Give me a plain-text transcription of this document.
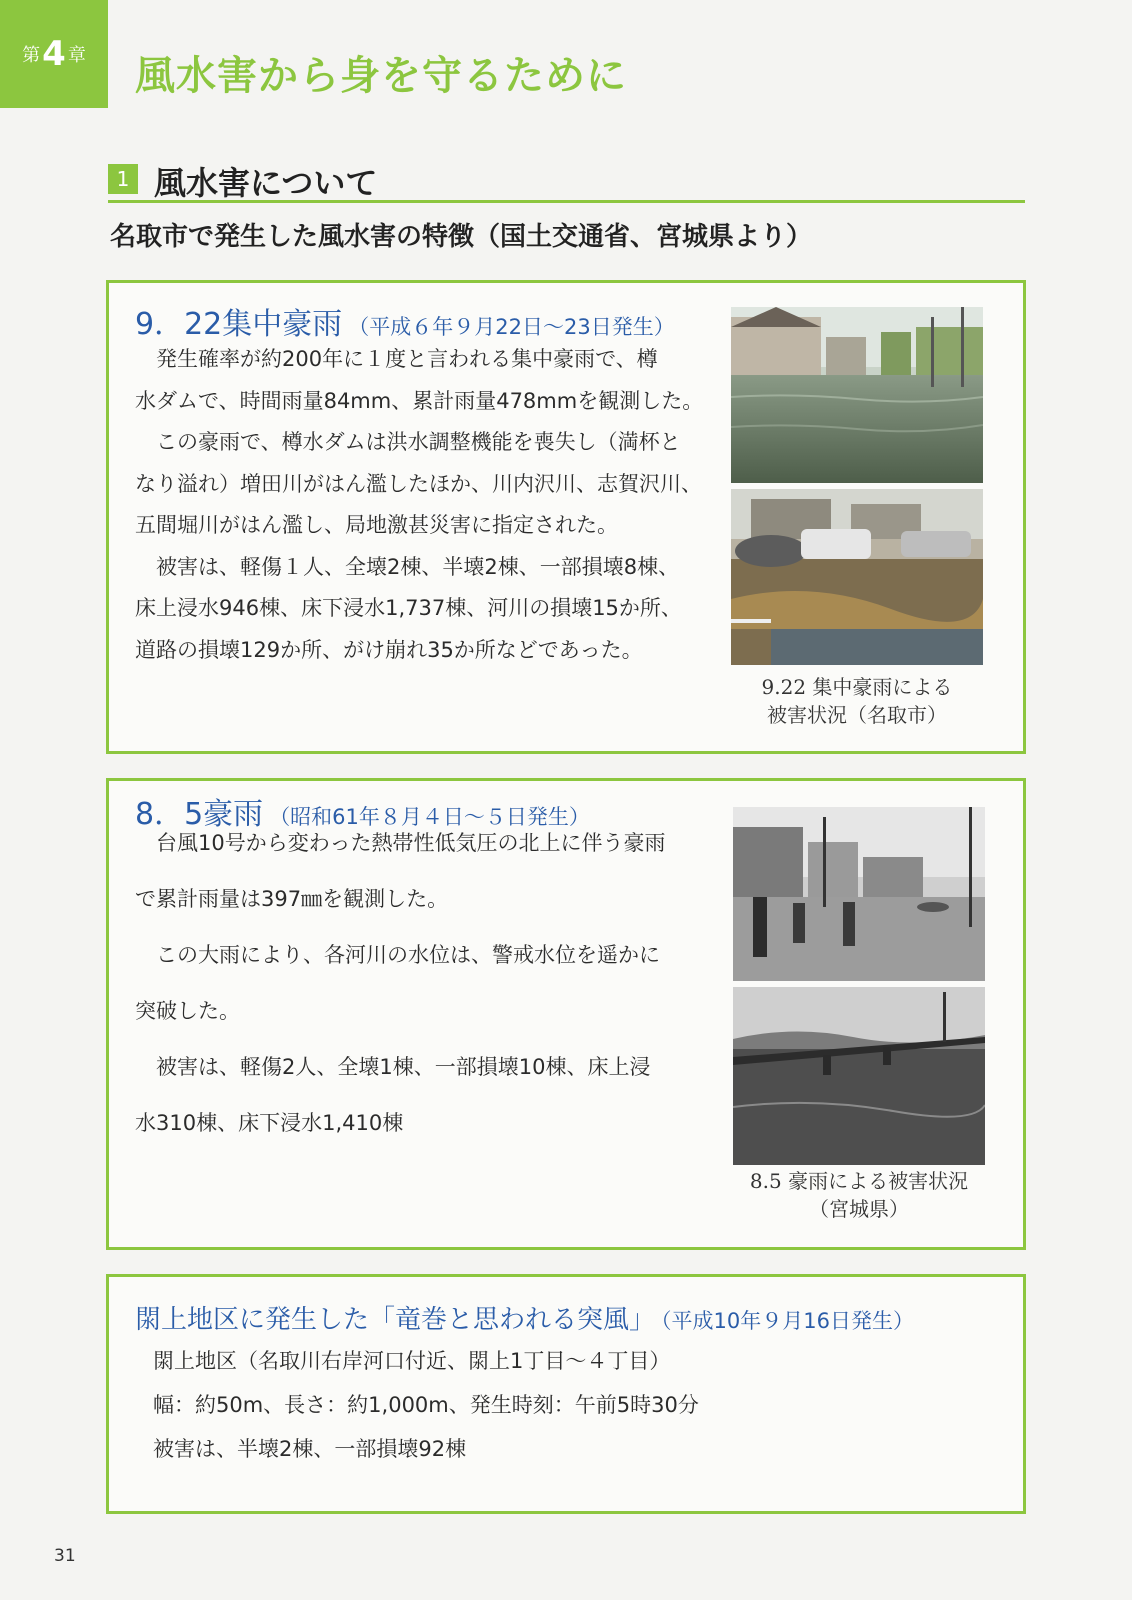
第 4 章 風水害から身を守るために
1 風水害について
名取市で発生した風水害の特徴（国土交通省、宮城県より）
9．22集中豪雨 （平成６年９月22日～23日発生）

発生確率が約200年に１度と言われる集中豪雨で、樽

水ダムで、時間雨量84mm、累計雨量478mmを観測した。

この豪雨で、樽水ダムは洪水調整機能を喪失し（満杯と

なり溢れ）増田川がはん濫したほか、川内沢川、志賀沢川、

五間堀川がはん濫し、局地激甚災害に指定された。

被害は、軽傷１人、全壊2棟、半壊2棟、一部損壊8棟、

床上浸水946棟、床下浸水1,737棟、河川の損壊15か所、

道路の損壊129か所、がけ崩れ35か所などであった。

9.22 集中豪雨による
被害状況（名取市）
8．5豪雨 （昭和61年８月４日～５日発生）

台風10号から変わった熱帯性低気圧の北上に伴う豪雨

で累計雨量は397㎜を観測した。

この大雨により、各河川の水位は、警戒水位を遥かに

突破した。

被害は、軽傷2人、全壊1棟、一部損壊10棟、床上浸

水310棟、床下浸水1,410棟

8.5 豪雨による被害状況
（宮城県）
閖上地区に発生した「竜巻と思われる突風」 （平成10年９月16日発生）
閖上地区（名取川右岸河口付近、閖上1丁目～４丁目）
幅：約50m、長さ：約1,000m、発生時刻：午前5時30分
被害は、半壊2棟、一部損壊92棟
31
